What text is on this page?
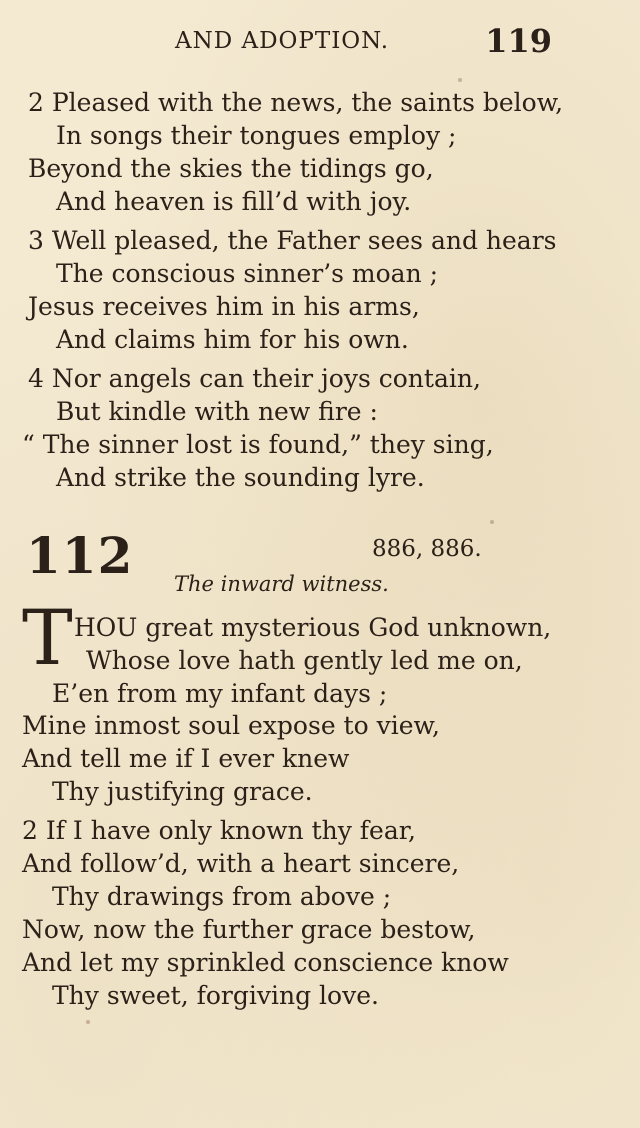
AND ADOPTION.	119
2 Pleased with the news, the saints below,
In songs their tongues employ ;
Beyond the skies the tidings go,
And heaven is fill’d with joy.
3 Well pleased, the Father sees and hears
The conscious sinner’s moan ;
Jesus receives him in his arms,
And claims him for his own.
4 Nor angels can their joys contain,
But kindle with new fire :
“ The sinner lost is found,” they sing,
And strike the sounding lyre.
112	886, 886.
The inward witness.
T HOU great mysterious God unknown,
Whose love hath gently led me on,
E’en from my infant days ;
Mine inmost soul expose to view,
And tell me if I ever knew
Thy justifying grace.
2 If I have only known thy fear,
And follow’d, with a heart sincere,
Thy drawings from above ;
Now, now the further grace bestow,
And let my sprinkled conscience know
Thy sweet, forgiving love.
